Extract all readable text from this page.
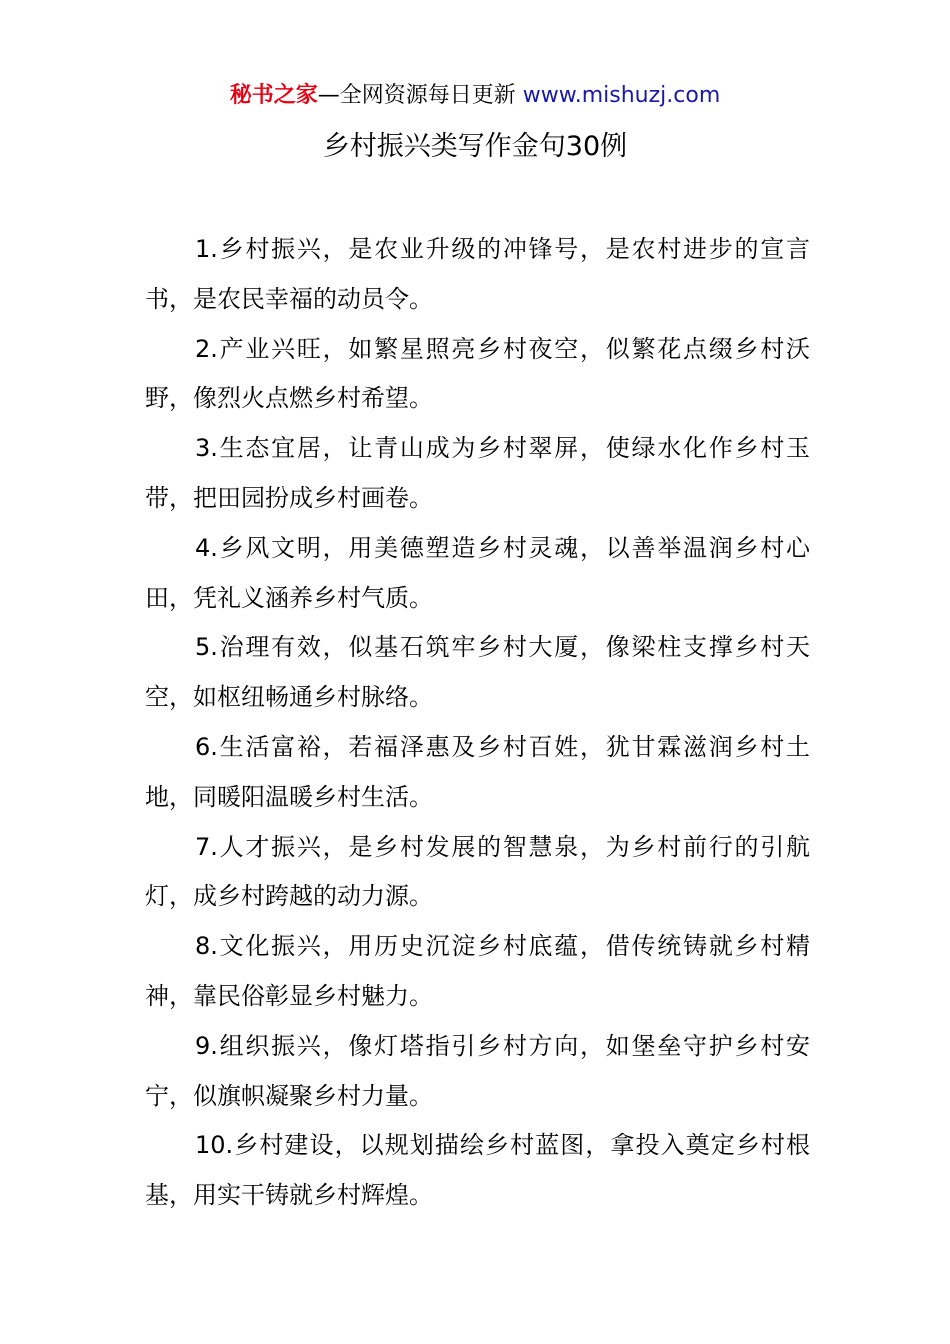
秘书之家—全网资源每日更新 www.mishuzj.com
乡村振兴类写作金句30例

1.乡村振兴，是农业升级的冲锋号，是农村进步的宣言书，是农民幸福的动员令。

2.产业兴旺，如繁星照亮乡村夜空，似繁花点缀乡村沃野，像烈火点燃乡村希望。

3.生态宜居，让青山成为乡村翠屏，使绿水化作乡村玉带，把田园扮成乡村画卷。

4.乡风文明，用美德塑造乡村灵魂，以善举温润乡村心田，凭礼义涵养乡村气质。

5.治理有效，似基石筑牢乡村大厦，像梁柱支撑乡村天空，如枢纽畅通乡村脉络。

6.生活富裕，若福泽惠及乡村百姓，犹甘霖滋润乡村土地，同暖阳温暖乡村生活。

7.人才振兴，是乡村发展的智慧泉，为乡村前行的引航灯，成乡村跨越的动力源。

8.文化振兴，用历史沉淀乡村底蕴，借传统铸就乡村精神，靠民俗彰显乡村魅力。

9.组织振兴，像灯塔指引乡村方向，如堡垒守护乡村安宁，似旗帜凝聚乡村力量。

10.乡村建设，以规划描绘乡村蓝图，拿投入奠定乡村根基，用实干铸就乡村辉煌。
